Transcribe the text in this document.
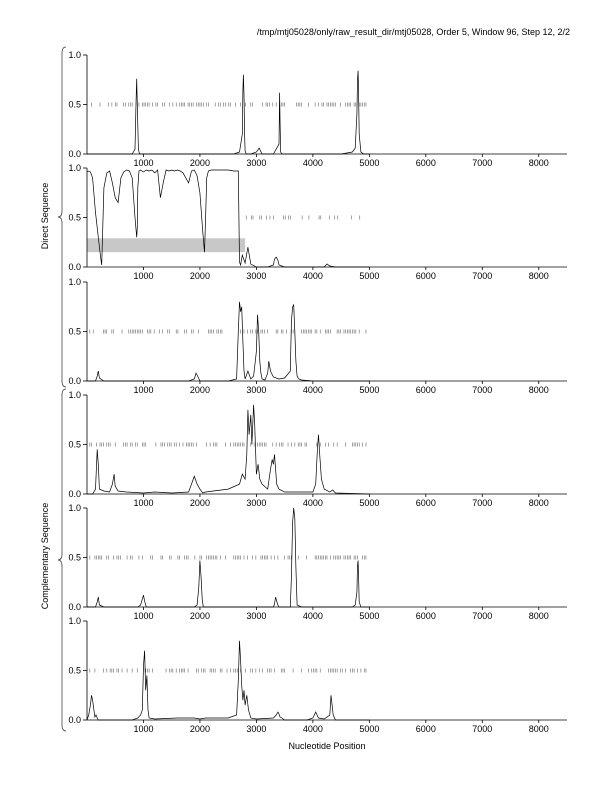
/tmp/mtj05028/only/raw_result_dir/mtj05028, Order 5, Window 96, Step 12, 2/2
0.0
0.5
1.0
1000	2000	3000	4000	5000	6000	7000	8000
0.0
0.5
1.0
1000	2000	3000	4000	5000	6000	7000	8000
0.0
0.5
1.0
1000	2000	3000	4000	5000	6000	7000	8000
0.0
0.5
1.0
1000	2000	3000	4000	5000	6000	7000	8000
0.0
0.5
1.0
1000	2000	3000	4000	5000	6000	7000	8000
0.0
0.5
1.0
1000	2000	3000	4000	5000	6000	7000	8000
Direct Sequence
Complementary Sequence
Nucleotide Position
